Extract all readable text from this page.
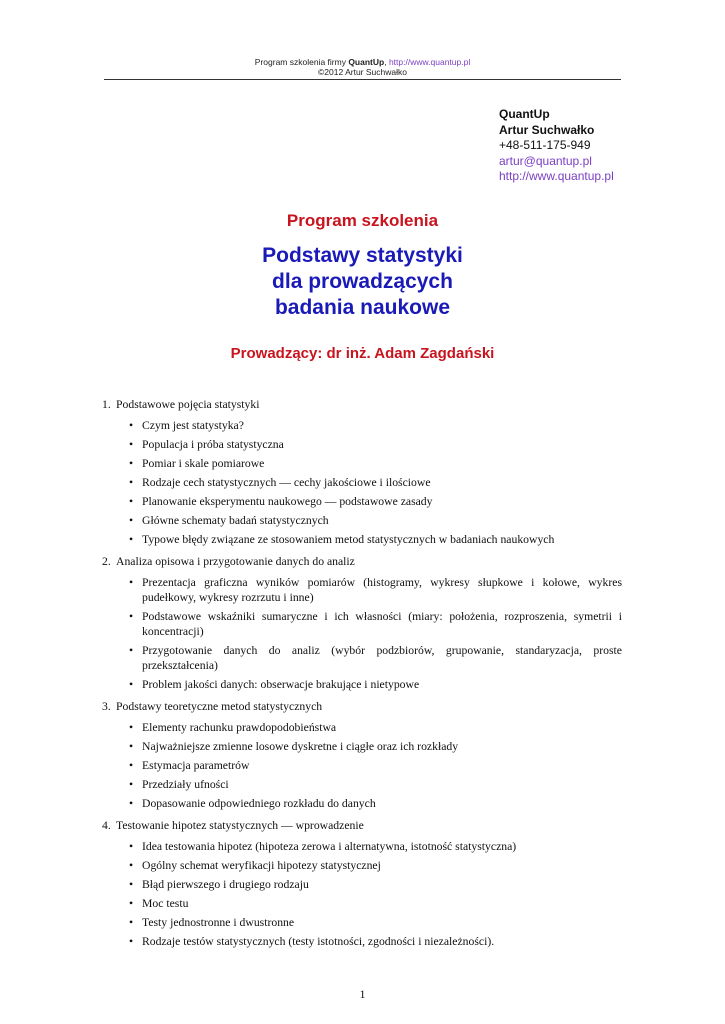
Program szkolenia firmy QuantUp, http://www.quantup.pl
©2012 Artur Suchwałko
QuantUp
Artur Suchwałko
+48-511-175-949
artur@quantup.pl
http://www.quantup.pl
Program szkolenia
Podstawy statystyki
dla prowadzących
badania naukowe
Prowadzący: dr inż. Adam Zagdański
1. Podstawowe pojęcia statystyki
• Czym jest statystyka?
• Populacja i próba statystyczna
• Pomiar i skale pomiarowe
• Rodzaje cech statystycznych — cechy jakościowe i ilościowe
• Planowanie eksperymentu naukowego — podstawowe zasady
• Główne schematy badań statystycznych
• Typowe błędy związane ze stosowaniem metod statystycznych w badaniach naukowych
2. Analiza opisowa i przygotowanie danych do analiz
• Prezentacja graficzna wyników pomiarów (histogramy, wykresy słupkowe i kołowe, wykres pudełkowy, wykresy rozrzutu i inne)
• Podstawowe wskaźniki sumaryczne i ich własności (miary: położenia, rozproszenia, symetrii i koncentracji)
• Przygotowanie danych do analiz (wybór podzbiorów, grupowanie, standaryzacja, proste przekształcenia)
• Problem jakości danych: obserwacje brakujące i nietypowe
3. Podstawy teoretyczne metod statystycznych
• Elementy rachunku prawdopodobieństwa
• Najważniejsze zmienne losowe dyskretne i ciągłe oraz ich rozkłady
• Estymacja parametrów
• Przedziały ufności
• Dopasowanie odpowiedniego rozkładu do danych
4. Testowanie hipotez statystycznych — wprowadzenie
• Idea testowania hipotez (hipoteza zerowa i alternatywna, istotność statystyczna)
• Ogólny schemat weryfikacji hipotezy statystycznej
• Błąd pierwszego i drugiego rodzaju
• Moc testu
• Testy jednostronne i dwustronne
• Rodzaje testów statystycznych (testy istotności, zgodności i niezależności).
1
